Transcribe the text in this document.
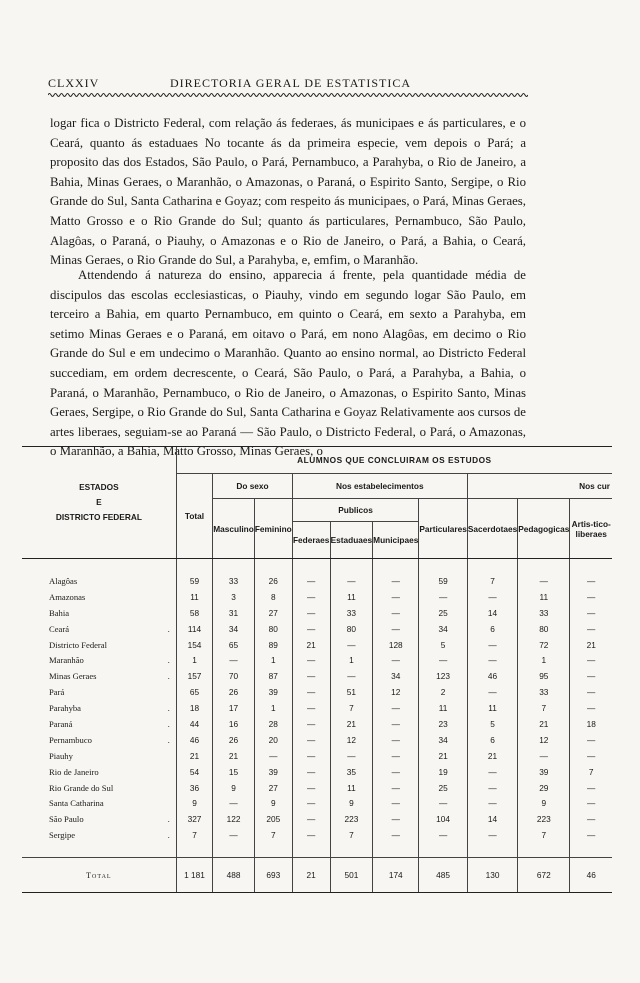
CLXXIV	DIRECTORIA GERAL DE ESTATISTICA

logar fica o Districto Federal, com relação ás federaes, ás municipaes e ás particulares, e o Ceará, quanto ás estaduaes No tocante ás da primeira especie, vem depois o Pará; a proposito das dos Estados, São Paulo, o Pará, Pernambuco, a Parahyba, o Rio de Janeiro, a Bahia, Minas Geraes, o Maranhão, o Amazonas, o Paraná, o Espirito Santo, Sergipe, o Rio Grande do Sul, Santa Catharina e Goyaz; com respeito ás municipaes, o Pará, Minas Geraes, Matto Grosso e o Rio Grande do Sul; quanto ás particulares, Pernambuco, São Paulo, Alagôas, o Paraná, o Piauhy, o Amazonas e o Rio de Janeiro, o Pará, a Bahia, o Ceará, Minas Geraes, o Rio Grande do Sul, a Parahyba, e, emfim, o Maranhão.

Attendendo á natureza do ensino, apparecia á frente, pela quantidade média de discipulos das escolas ecclesiasticas, o Piauhy, vindo em segundo logar São Paulo, em terceiro a Bahia, em quarto Pernambuco, em quinto o Ceará, em sexto a Parahyba, em setimo Minas Geraes e o Paraná, em oitavo o Pará, em nono Alagôas, em decimo o Rio Grande do Sul e em undecimo o Maranhão. Quanto ao ensino normal, ao Districto Federal succediam, em ordem decrescente, o Ceará, São Paulo, o Pará, a Parahyba, a Bahia, o Paraná, o Maranhão, Pernambuco, o Rio de Janeiro, o Amazonas, o Espirito Santo, Minas Geraes, Sergipe, o Rio Grande do Sul, Santa Catharina e Goyaz Relativamente aos cursos de artes liberaes, seguiam-se ao Paraná — São Paulo, o Districto Federal, o Pará, o Amazonas, o Maranhão, a Bahia, Matto Grosso, Minas Geraes, o

ESTADOS
E
DISTRICTO FEDERAL	ALUMNOS QUE CONCLUIRAM OS ESTUDOS									
	Total	Do sexo		Nos estabelecimentos				Nos cur		
		Masculino	Feminino	Publicos			Particulares	Sacerdotaes	Pedagogicas	Artis-tico-liberaes
				Federaes	Estaduaes	Municipaes				

Alagôas	59	33	26	—	—	—	59	7	—	—
Amazonas	11	3	8	—	11	—	—	—	11	—
Bahia	58	31	27	—	33	—	25	14	33	—
Ceará .	114	34	80	—	80	—	34	6	80	—
Districto Federal	154	65	89	21	—	128	5	—	72	21
Maranhão .	1	—	1	—	1	—	—	—	1	—
Minas Geraes .	157	70	87	—	—	34	123	46	95	—
Pará	65	26	39	—	51	12	2	—	33	—
Parahyba .	18	17	1	—	7	—	11	11	7	—
Paraná .	44	16	28	—	21	—	23	5	21	18
Pernambuco .	46	26	20	—	12	—	34	6	12	—
Piauhy	21	21	—	—	—	—	21	21	—	—
Rio de Janeiro	54	15	39	—	35	—	19	—	39	7
Rio Grande do Sul	36	9	27	—	11	—	25	—	29	—
Santa Catharina	9	—	9	—	9	—	—	—	9	—
São Paulo .	327	122	205	—	223	—	104	14	223	—
Sergipe .	7	—	7	—	7	—	—	—	7	—

Total	1 181	488	693	21	501	174	485	130	672	46
